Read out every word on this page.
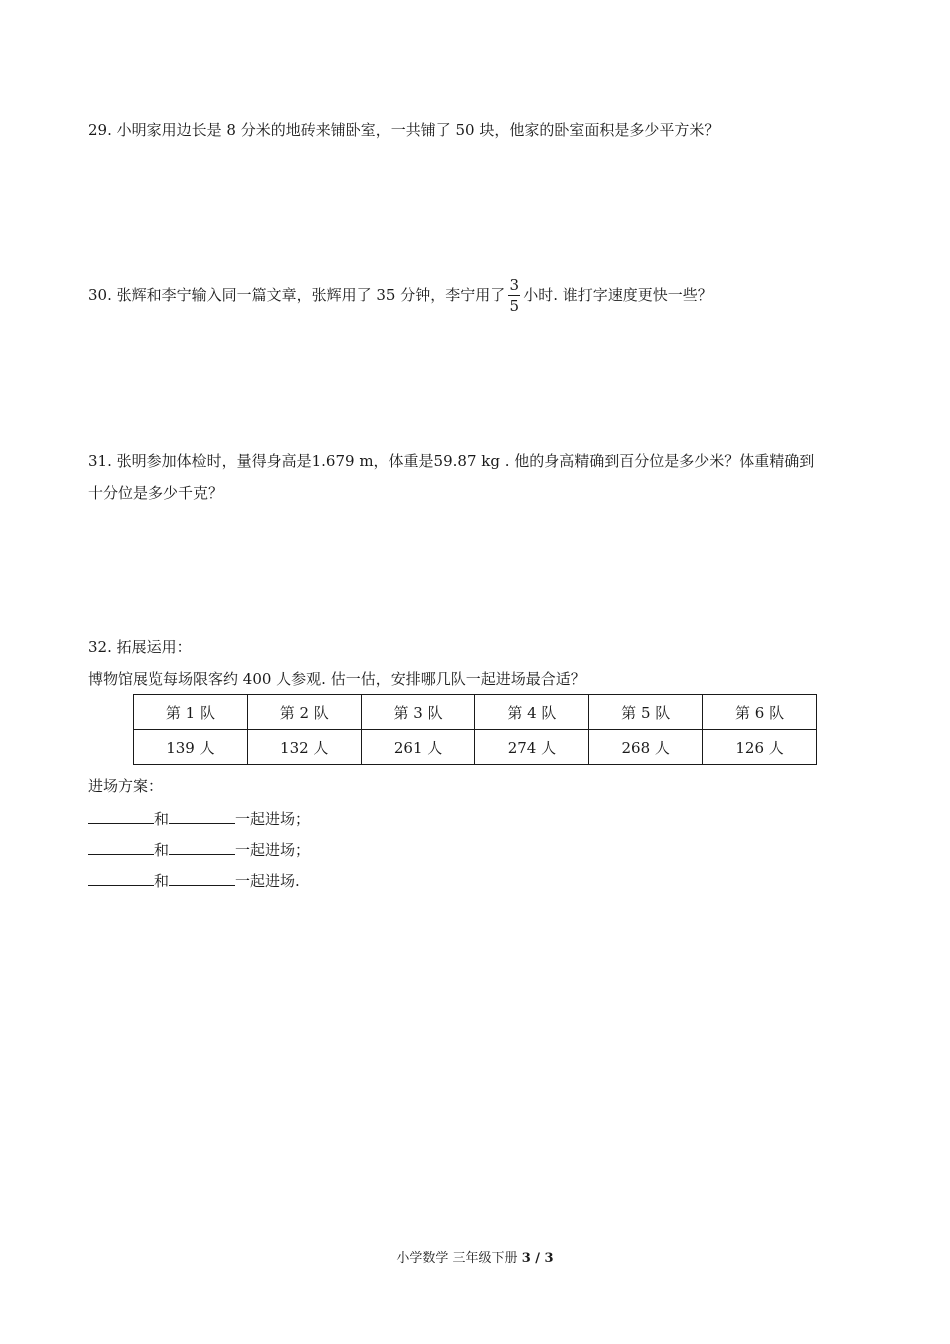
29. 小明家用边长是 8 分米的地砖来铺卧室，一共铺了 50 块，他家的卧室面积是多少平方米？
30. 张辉和李宁输入同一篇文章，张辉用了 35 分钟，李宁用了 $\frac{3}{5}$ 小时. 谁打字速度更快一些？
31. 张明参加体检时，量得身高是1.679 m，体重是59.87 kg . 他的身高精确到百分位是多少米？体重精确到
十分位是多少千克？
32. 拓展运用：
博物馆展览每场限客约 400 人参观. 估一估，安排哪几队一起进场最合适？
第 1 队	第 2 队	第 3 队	第 4 队	第 5 队	第 6 队
139 人	132 人	261 人	274 人	268 人	126 人
进场方案：
和	一起进场；
和	一起进场；
和	一起进场.
小学数学 三年级下册 3 / 3
